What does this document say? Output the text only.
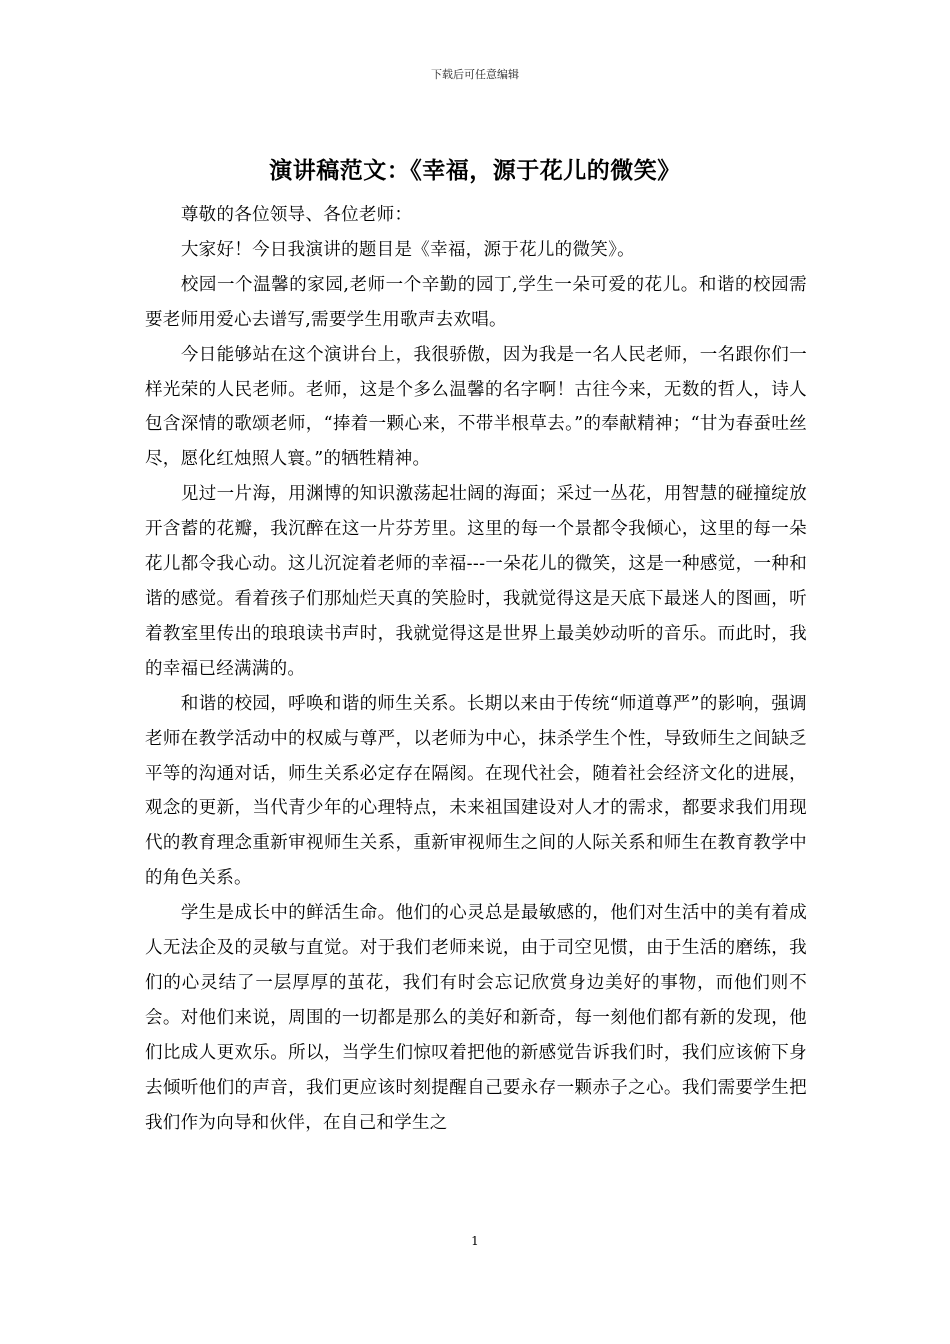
下载后可任意编辑
演讲稿范文：《幸福，源于花儿的微笑》

尊敬的各位领导、各位老师：

大家好！今日我演讲的题目是《幸福，源于花儿的微笑》。

校园一个温馨的家园,老师一个辛勤的园丁,学生一朵可爱的花儿。和谐的校园需要老师用爱心去谱写,需要学生用歌声去欢唱。

今日能够站在这个演讲台上，我很骄傲，因为我是一名人民老师，一名跟你们一样光荣的人民老师。老师，这是个多么温馨的名字啊！古往今来，无数的哲人，诗人包含深情的歌颂老师，“捧着一颗心来，不带半根草去。”的奉献精神；“甘为春蚕吐丝尽，愿化红烛照人寰。”的牺牲精神。

见过一片海，用渊博的知识激荡起壮阔的海面；采过一丛花，用智慧的碰撞绽放开含蓄的花瓣，我沉醉在这一片芬芳里。这里的每一个景都令我倾心，这里的每一朵花儿都令我心动。这儿沉淀着老师的幸福---一朵花儿的微笑，这是一种感觉，一种和谐的感觉。看着孩子们那灿烂天真的笑脸时，我就觉得这是天底下最迷人的图画，听着教室里传出的琅琅读书声时，我就觉得这是世界上最美妙动听的音乐。而此时，我的幸福已经满满的。

和谐的校园，呼唤和谐的师生关系。长期以来由于传统“师道尊严”的影响，强调老师在教学活动中的权威与尊严，以老师为中心，抹杀学生个性，导致师生之间缺乏平等的沟通对话，师生关系必定存在隔阂。在现代社会，随着社会经济文化的进展，观念的更新，当代青少年的心理特点，未来祖国建设对人才的需求，都要求我们用现代的教育理念重新审视师生关系，重新审视师生之间的人际关系和师生在教育教学中的角色关系。

学生是成长中的鲜活生命。他们的心灵总是最敏感的，他们对生活中的美有着成人无法企及的灵敏与直觉。对于我们老师来说，由于司空见惯，由于生活的磨练，我们的心灵结了一层厚厚的茧花，我们有时会忘记欣赏身边美好的事物，而他们则不会。对他们来说，周围的一切都是那么的美好和新奇，每一刻他们都有新的发现，他们比成人更欢乐。所以，当学生们惊叹着把他的新感觉告诉我们时，我们应该俯下身去倾听他们的声音，我们更应该时刻提醒自己要永存一颗赤子之心。我们需要学生把我们作为向导和伙伴，在自己和学生之

1
